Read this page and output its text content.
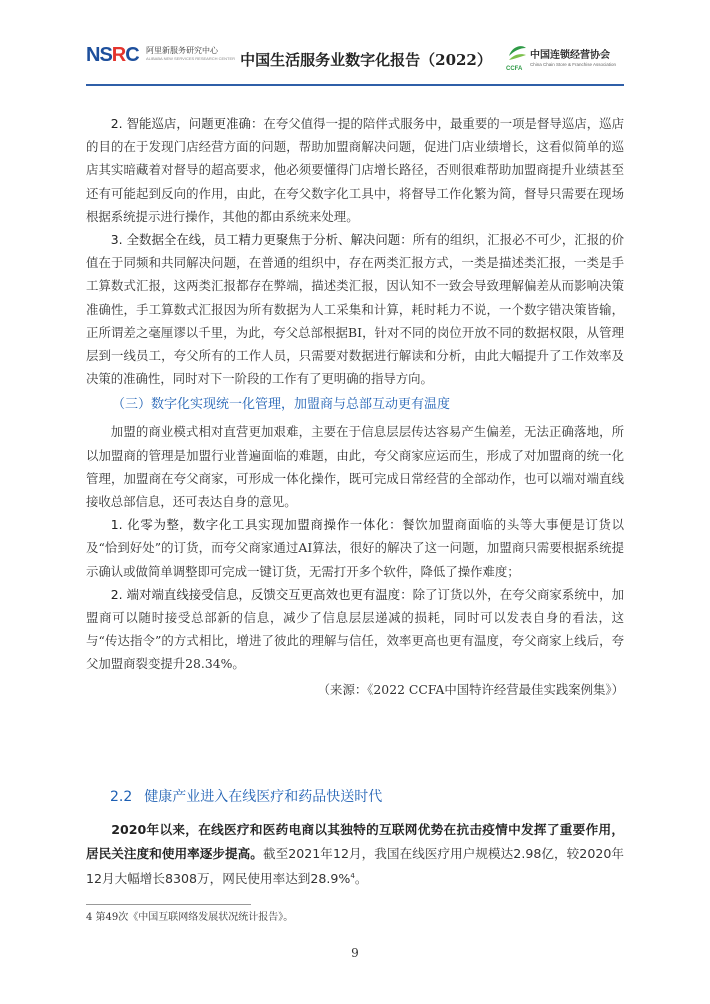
NSRC 阿里新服务研究中心
ALIBABA NEW SERVICES RESEARCH CENTER 中国生活服务业数字化报告（2022）	CCFA
中国连锁经营协会
China Chain Store & Franchise Association

2. 智能巡店，问题更准确：在夸父值得一提的陪伴式服务中，最重要的一项是督导巡店，巡店的目的在于发现门店经营方面的问题，帮助加盟商解决问题，促进门店业绩增长，这看似简单的巡店其实暗藏着对督导的超高要求，他必须要懂得门店增长路径，否则很难帮助加盟商提升业绩甚至还有可能起到反向的作用，由此，在夸父数字化工具中，将督导工作化繁为简，督导只需要在现场根据系统提示进行操作，其他的都由系统来处理。

3. 全数据全在线，员工精力更聚焦于分析、解决问题：所有的组织，汇报必不可少，汇报的价值在于同频和共同解决问题，在普通的组织中，存在两类汇报方式，一类是描述类汇报，一类是手工算数式汇报，这两类汇报都存在弊端，描述类汇报，因认知不一致会导致理解偏差从而影响决策准确性，手工算数式汇报因为所有数据为人工采集和计算，耗时耗力不说，一个数字错决策皆输，正所谓差之毫厘谬以千里，为此，夸父总部根据BI，针对不同的岗位开放不同的数据权限，从管理层到一线员工，夸父所有的工作人员，只需要对数据进行解读和分析，由此大幅提升了工作效率及决策的准确性，同时对下一阶段的工作有了更明确的指导方向。

（三）数字化实现统一化管理，加盟商与总部互动更有温度

加盟的商业模式相对直营更加艰难，主要在于信息层层传达容易产生偏差，无法正确落地，所以加盟商的管理是加盟行业普遍面临的难题，由此，夸父商家应运而生，形成了对加盟商的统一化管理，加盟商在夸父商家，可形成一体化操作，既可完成日常经营的全部动作，也可以端对端直线接收总部信息，还可表达自身的意见。

1. 化零为整，数字化工具实现加盟商操作一体化：餐饮加盟商面临的头等大事便是订货以及“恰到好处”的订货，而夸父商家通过AI算法，很好的解决了这一问题，加盟商只需要根据系统提示确认或做简单调整即可完成一键订货，无需打开多个软件，降低了操作难度；

2. 端对端直线接受信息，反馈交互更高效也更有温度：除了订货以外，在夸父商家系统中，加盟商可以随时接受总部新的信息，减少了信息层层递减的损耗，同时可以发表自身的看法，这与“传达指令”的方式相比，增进了彼此的理解与信任，效率更高也更有温度，夸父商家上线后，夸父加盟商裂变提升28.34%。

（来源：《2022 CCFA中国特许经营最佳实践案例集》）

2.2 健康产业进入在线医疗和药品快送时代

2020年以来，在线医疗和医药电商以其独特的互联网优势在抗击疫情中发挥了重要作用，居民关注度和使用率逐步提高。截至2021年12月，我国在线医疗用户规模达2.98亿，较2020年12月大幅增长8308万，网民使用率达到28.9%$^4$。

4 第49次《中国互联网络发展状况统计报告》。
9
